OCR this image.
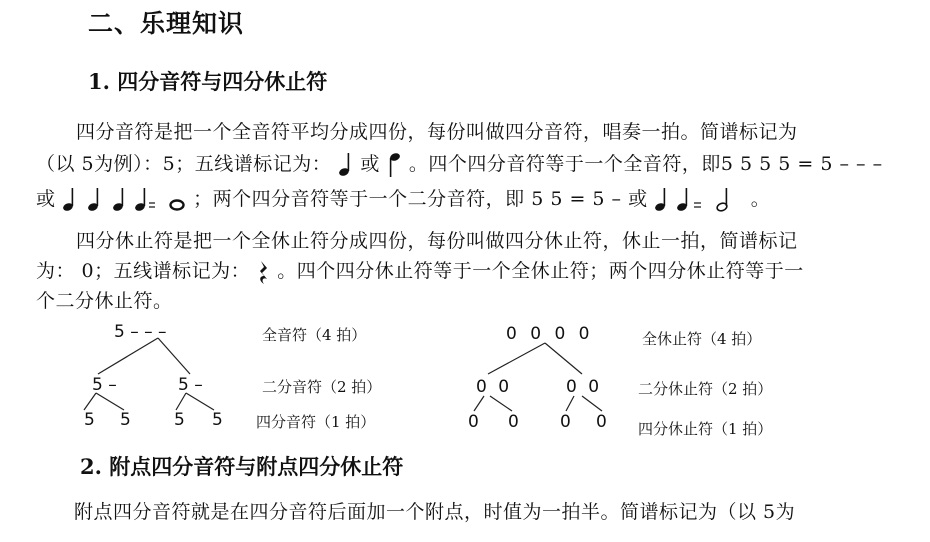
二、乐理知识
1. 四分音符与四分休止符
四分音符是把一个全音符平均分成四份，每份叫做四分音符，唱奏一拍。简谱标记为
（以 5为例）：5；五线谱标记为： 或 。四个四分音符等于一个全音符，即5 5 5 5 = 5 – – –
或	；两个四分音符等于一个二分音符，即 5 5 = 5 – 或	。
四分休止符是把一个全休止符分成四份，每份叫做四分休止符，休止一拍，简谱标记
为： 0；五线谱标记为： 。四个四分休止符等于一个全休止符；两个四分休止符等于一
个二分休止符。
5 – – –
5 –	5 –
5 5	5 5
全音符（4 拍）
二分音符（2 拍）
四分音符（1 拍）
0 0 0 0
0 0	0 0
0 0 0 0
全休止符（4 拍）
二分休止符（2 拍）
四分休止符（1 拍）
2. 附点四分音符与附点四分休止符
附点四分音符就是在四分音符后面加一个附点，时值为一拍半。简谱标记为（以 5为
